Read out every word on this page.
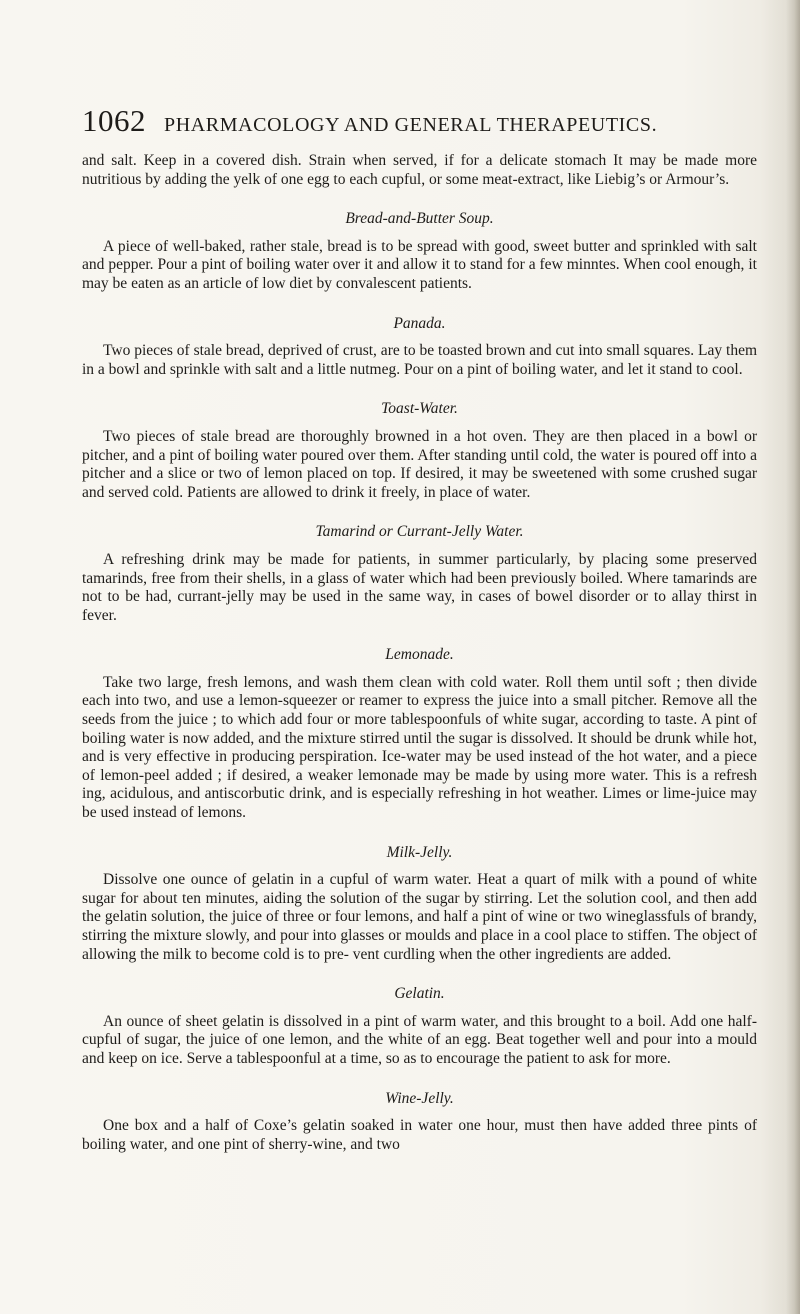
1062 PHARMACOLOGY AND GENERAL THERAPEUTICS.

and salt. Keep in a covered dish. Strain when served, if for a delicate stomach It may be made more nutritious by adding the yelk of one egg to each cupful, or some meat-extract, like Liebig’s or Armour’s.

Bread-and-Butter Soup.

A piece of well-baked, rather stale, bread is to be spread with good, sweet butter and sprinkled with salt and pepper. Pour a pint of boiling water over it and allow it to stand for a few minntes. When cool enough, it may be eaten as an article of low diet by convalescent patients.

Panada.

Two pieces of stale bread, deprived of crust, are to be toasted brown and cut into small squares. Lay them in a bowl and sprinkle with salt and a little nutmeg. Pour on a pint of boiling water, and let it stand to cool.

Toast-Water.

Two pieces of stale bread are thoroughly browned in a hot oven. They are then placed in a bowl or pitcher, and a pint of boiling water poured over them. After standing until cold, the water is poured off into a pitcher and a slice or two of lemon placed on top. If desired, it may be sweetened with some crushed sugar and served cold. Patients are allowed to drink it freely, in place of water.

Tamarind or Currant-Jelly Water.

A refreshing drink may be made for patients, in summer particularly, by placing some preserved tamarinds, free from their shells, in a glass of water which had been previously boiled. Where tamarinds are not to be had, currant-jelly may be used in the same way, in cases of bowel disorder or to allay thirst in fever.

Lemonade.

Take two large, fresh lemons, and wash them clean with cold water. Roll them until soft ; then divide each into two, and use a lemon-squeezer or reamer to express the juice into a small pitcher. Remove all the seeds from the juice ; to which add four or more tablespoonfuls of white sugar, according to taste. A pint of boiling water is now added, and the mixture stirred until the sugar is dissolved. It should be drunk while hot, and is very effective in producing perspiration. Ice-water may be used instead of the hot water, and a piece of lemon-peel added ; if desired, a weaker lemonade may be made by using more water. This is a refresh ing, acidulous, and antiscorbutic drink, and is especially refreshing in hot weather. Limes or lime-juice may be used instead of lemons.

Milk-Jelly.

Dissolve one ounce of gelatin in a cupful of warm water. Heat a quart of milk with a pound of white sugar for about ten minutes, aiding the solution of the sugar by stirring. Let the solution cool, and then add the gelatin solution, the juice of three or four lemons, and half a pint of wine or two wineglassfuls of brandy, stirring the mixture slowly, and pour into glasses or moulds and place in a cool place to stiffen. The object of allowing the milk to become cold is to pre- vent curdling when the other ingredients are added.

Gelatin.

An ounce of sheet gelatin is dissolved in a pint of warm water, and this brought to a boil. Add one half-cupful of sugar, the juice of one lemon, and the white of an egg. Beat together well and pour into a mould and keep on ice. Serve a tablespoonful at a time, so as to encourage the patient to ask for more.

Wine-Jelly.

One box and a half of Coxe’s gelatin soaked in water one hour, must then have added three pints of boiling water, and one pint of sherry-wine, and two
